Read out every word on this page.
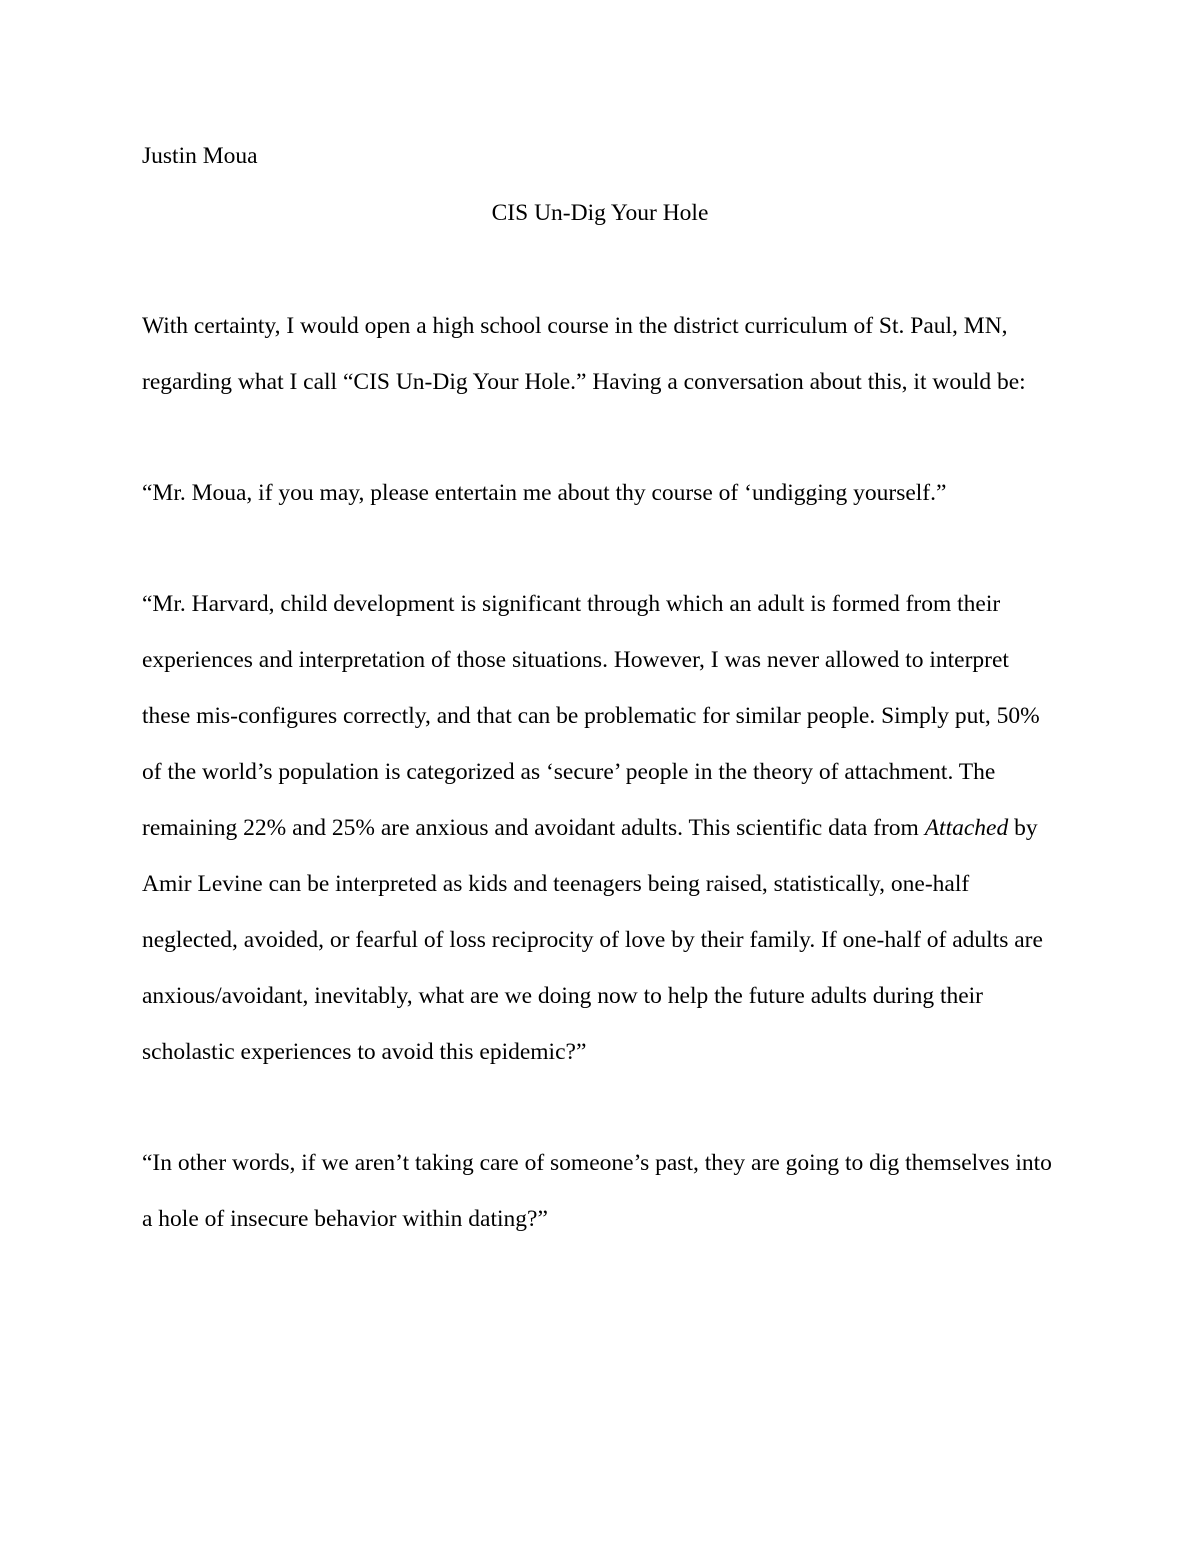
Justin Moua
CIS Un-Dig Your Hole
With certainty, I would open a high school course in the district curriculum of St. Paul, MN,
regarding what I call “CIS Un-Dig Your Hole.” Having a conversation about this, it would be:
“Mr. Moua, if you may, please entertain me about thy course of ‘undigging yourself.”
“Mr. Harvard, child development is significant through which an adult is formed from their
experiences and interpretation of those situations. However, I was never allowed to interpret
these mis-configures correctly, and that can be problematic for similar people. Simply put, 50%
of the world’s population is categorized as ‘secure’ people in the theory of attachment. The
remaining 22% and 25% are anxious and avoidant adults. This scientific data from Attached by
Amir Levine can be interpreted as kids and teenagers being raised, statistically, one-half
neglected, avoided, or fearful of loss reciprocity of love by their family. If one-half of adults are
anxious/avoidant, inevitably, what are we doing now to help the future adults during their
scholastic experiences to avoid this epidemic?”
“In other words, if we aren’t taking care of someone’s past, they are going to dig themselves into
a hole of insecure behavior within dating?”
